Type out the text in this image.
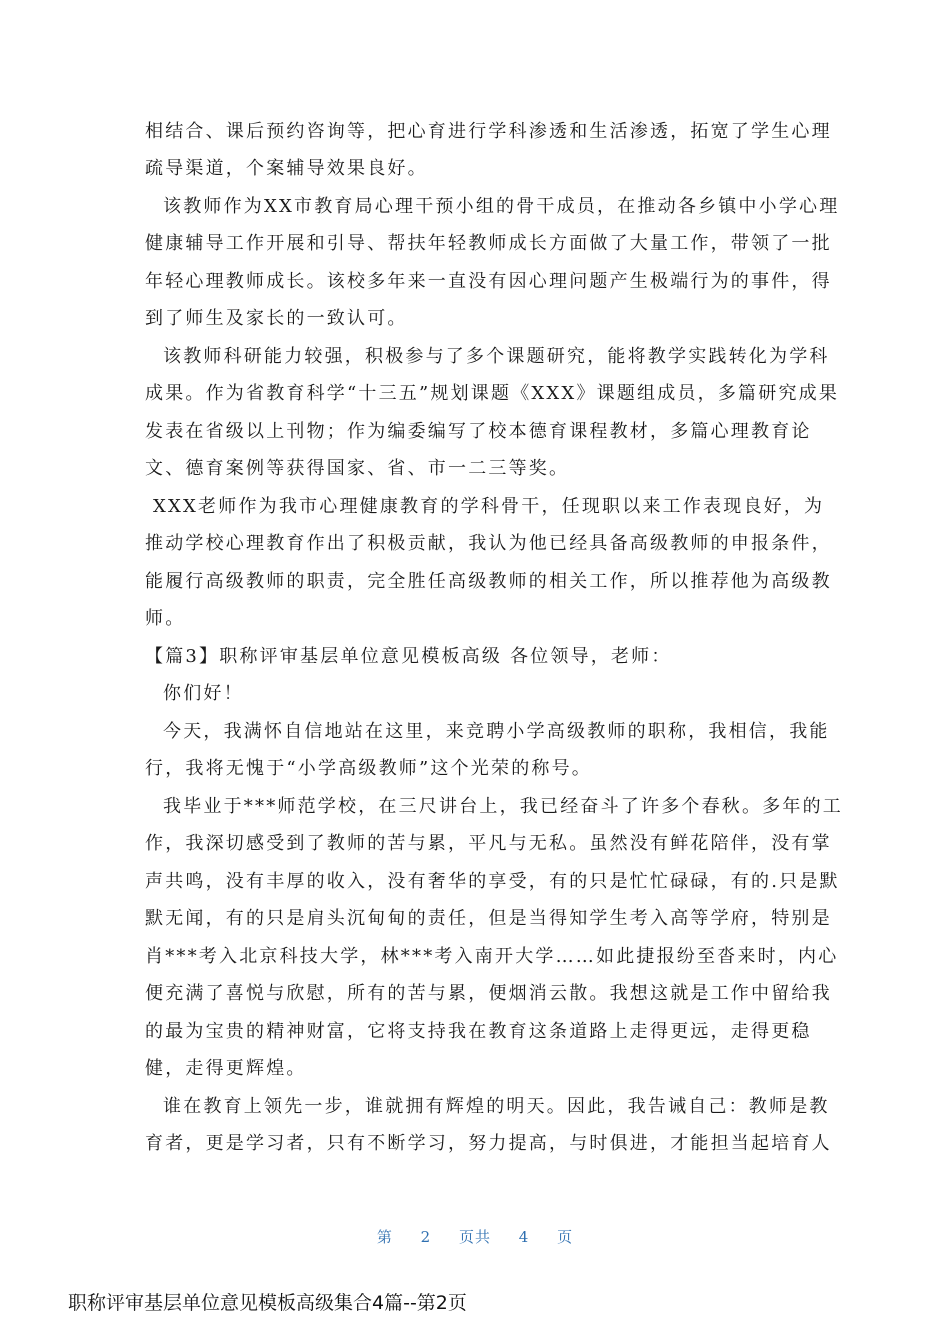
相结合、课后预约咨询等，把心育进行学科渗透和生活渗透，拓宽了学生心理
疏导渠道，个案辅导效果良好。
该教师作为XX市教育局心理干预小组的骨干成员，在推动各乡镇中小学心理
健康辅导工作开展和引导、帮扶年轻教师成长方面做了大量工作，带领了一批
年轻心理教师成长。该校多年来一直没有因心理问题产生极端行为的事件，得
到了师生及家长的一致认可。
该教师科研能力较强，积极参与了多个课题研究，能将教学实践转化为学科
成果。作为省教育科学“十三五”规划课题《XXX》课题组成员，多篇研究成果
发表在省级以上刊物；作为编委编写了校本德育课程教材，多篇心理教育论
文、德育案例等获得国家、省、市一二三等奖。
XXX老师作为我市心理健康教育的学科骨干，任现职以来工作表现良好，为
推动学校心理教育作出了积极贡献，我认为他已经具备高级教师的申报条件，
能履行高级教师的职责，完全胜任高级教师的相关工作，所以推荐他为高级教
师。
【篇3】职称评审基层单位意见模板高级 各位领导，老师：
你们好！
今天，我满怀自信地站在这里，来竞聘小学高级教师的职称，我相信，我能
行，我将无愧于“小学高级教师”这个光荣的称号。
我毕业于***师范学校，在三尺讲台上，我已经奋斗了许多个春秋。多年的工
作，我深切感受到了教师的苦与累，平凡与无私。虽然没有鲜花陪伴，没有掌
声共鸣，没有丰厚的收入，没有奢华的享受，有的只是忙忙碌碌，有的.只是默
默无闻，有的只是肩头沉甸甸的责任，但是当得知学生考入高等学府，特别是
肖***考入北京科技大学，林***考入南开大学……如此捷报纷至沓来时，内心
便充满了喜悦与欣慰，所有的苦与累，便烟消云散。我想这就是工作中留给我
的最为宝贵的精神财富，它将支持我在教育这条道路上走得更远，走得更稳
健，走得更辉煌。
谁在教育上领先一步，谁就拥有辉煌的明天。因此，我告诫自己：教师是教
育者，更是学习者，只有不断学习，努力提高，与时俱进，才能担当起培育人
第 2 页共 4 页
职称评审基层单位意见模板高级集合4篇--第2页
